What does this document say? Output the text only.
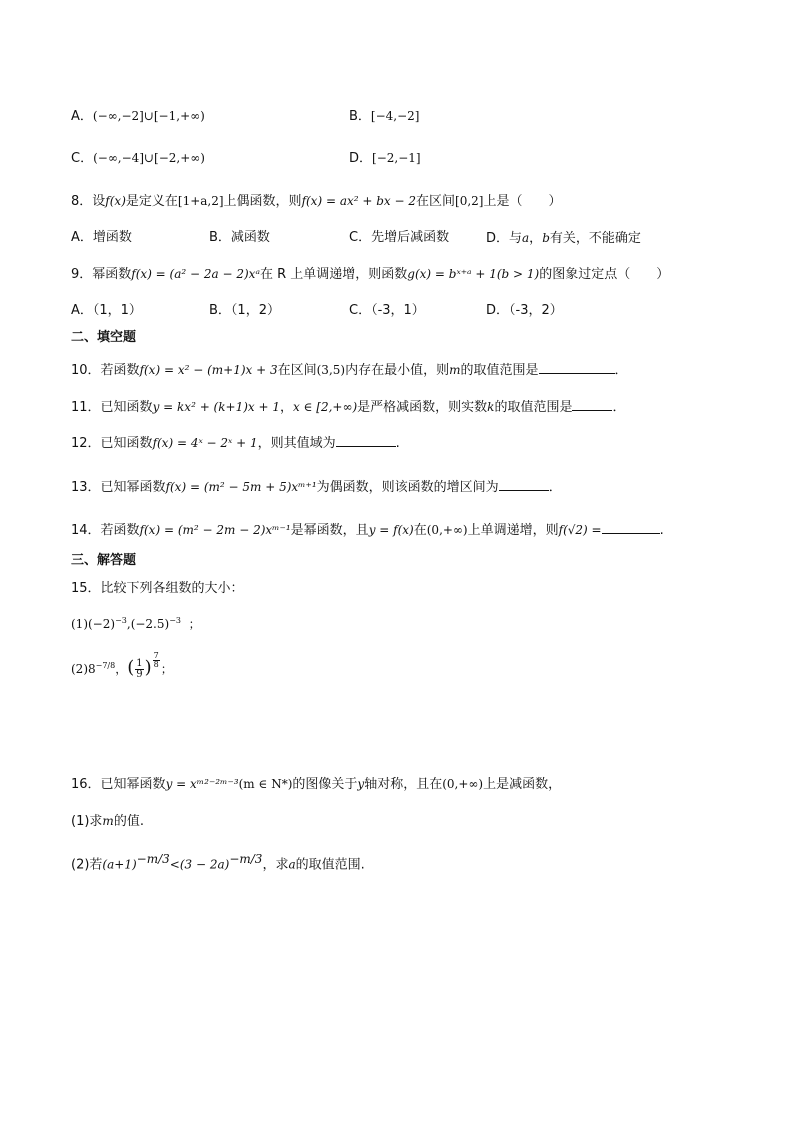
A．(−∞,−2]∪[−1,+∞)	B．[−4,−2]
C．(−∞,−4]∪[−2,+∞)	D．[−2,−1]
8．设f(x)是定义在[1+a,2]上偶函数，则f(x) = ax² + bx − 2在区间[0,2]上是（　　）
A．增函数	B．减函数	C．先增后减函数	D．与a，b有关，不能确定
9．幂函数f(x) = (a² − 2a − 2)xᵃ在 R 上单调递增，则函数g(x) = bˣ⁺ᵃ + 1(b > 1)的图象过定点（　　）
A．（1，1）	B．（1，2）	C．（-3，1）	D．（-3，2）
二、填空题
10．若函数f(x) = x² − (m+1)x + 3在区间(3,5)内存在最小值，则m的取值范围是	．
11．已知函数y = kx² + (k+1)x + 1，x ∈ [2,+∞)是严格减函数，则实数k的取值范围是	．
12．已知函数f(x) = 4ˣ − 2ˣ + 1，则其值域为	.
13．已知幂函数f(x) = (m² − 5m + 5)xᵐ⁺¹为偶函数，则该函数的增区间为	．
14．若函数f(x) = (m² − 2m − 2)xᵐ⁻¹是幂函数，且y = f(x)在(0,+∞)上单调递增，则f(√2) =	.
三、解答题
15．比较下列各组数的大小：
$(1)(-2)^{-3},(-2.5)^{-3}$ ；
$(2)8^{-7/8}$，( $\frac{1}{9}$ ) $\frac{7}{8}$ ；
16．已知幂函数y = xᵐ²⁻²ᵐ⁻³(m ∈ N*)的图像关于y轴对称，且在(0,+∞)上是减函数，
(1)求m的值.
(2)若$(a+1)^{-m/3}<(3 - 2a)^{-m/3}$，求a的取值范围.
